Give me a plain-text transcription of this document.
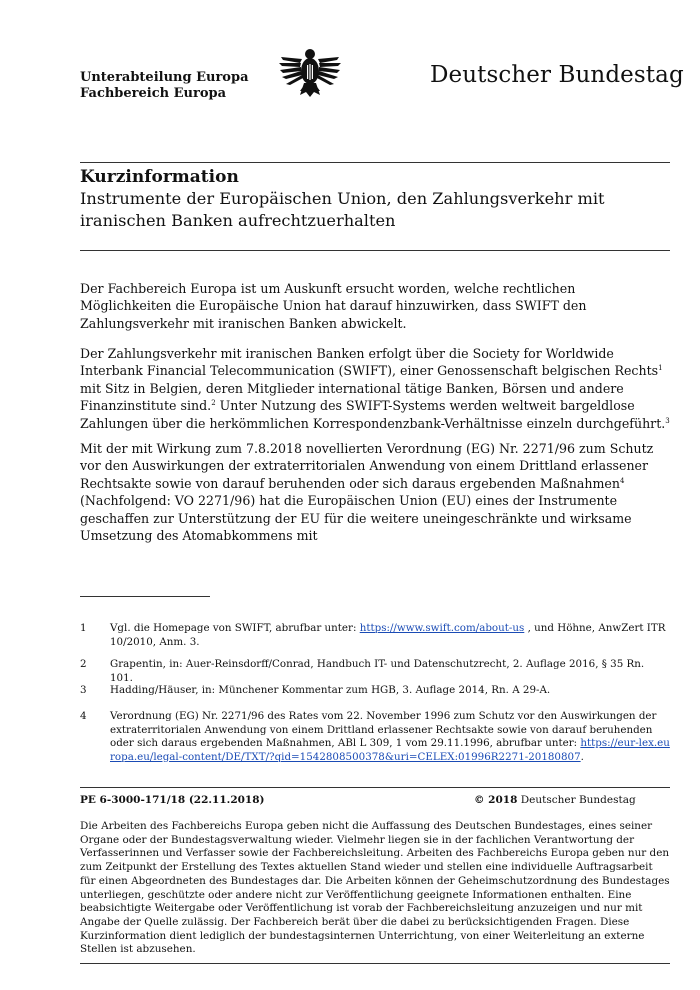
Unterabteilung Europa
Fachbereich Europa
Deutscher Bundestag
Kurzinformation
Instrumente der Europäischen Union, den Zahlungsverkehr mit iranischen Banken aufrechtzuerhalten

Der Fachbereich Europa ist um Auskunft ersucht worden, welche rechtlichen Möglichkeiten die Europäische Union hat darauf hinzuwirken, dass SWIFT den Zahlungsverkehr mit iranischen Banken abwickelt.

Der Zahlungsverkehr mit iranischen Banken erfolgt über die Society for Worldwide Interbank Financial Telecommunication (SWIFT), einer Genossenschaft belgischen Rechts$^1$ mit Sitz in Belgien, deren Mitglieder international tätige Banken, Börsen und andere Finanzinstitute sind.$^2$ Unter Nutzung des SWIFT-Systems werden weltweit bargeldlose Zahlungen über die herkömmlichen Korrespondenzbank-Verhältnisse einzeln durchgeführt.$^3$

Mit der mit Wirkung zum 7.8.2018 novellierten Verordnung (EG) Nr. 2271/96 zum Schutz vor den Auswirkungen der extraterritorialen Anwendung von einem Drittland erlassener Rechtsakte sowie von darauf beruhenden oder sich daraus ergebenden Maßnahmen$^4$ (Nachfolgend: VO 2271/96) hat die Europäischen Union (EU) eines der Instrumente geschaffen zur Unterstützung der EU für die weitere uneingeschränkte und wirksame Umsetzung des Atomabkommens mit

1	Vgl. die Homepage von SWIFT, abrufbar unter: https://www.swift.com/about-us , und Höhne, AnwZert ITR 10/2010, Anm. 3.
2	Grapentin, in: Auer-Reinsdorff/Conrad, Handbuch IT- und Datenschutzrecht, 2. Auflage 2016, § 35 Rn. 101.
3	Hadding/Häuser, in: Münchener Kommentar zum HGB, 3. Auflage 2014, Rn. A 29-A.
4	Verordnung (EG) Nr. 2271/96 des Rates vom 22. November 1996 zum Schutz vor den Auswirkungen der extraterritorialen Anwendung von einem Drittland erlassener Rechtsakte sowie von darauf beruhenden oder sich daraus ergebenden Maßnahmen, ABl L 309, 1 vom 29.11.1996, abrufbar unter: https://eur-lex.europa.eu/legal-content/DE/TXT/?qid=1542808500378&uri=CELEX:01996R2271-20180807.
PE 6-3000-171/18 (22.11.2018)	© 2018 Deutscher Bundestag
Die Arbeiten des Fachbereichs Europa geben nicht die Auffassung des Deutschen Bundestages, eines seiner Organe oder der Bundestagsverwaltung wieder. Vielmehr liegen sie in der fachlichen Verantwortung der Verfasserinnen und Verfasser sowie der Fachbereichsleitung. Arbeiten des Fachbereichs Europa geben nur den zum Zeitpunkt der Erstellung des Textes aktuellen Stand wieder und stellen eine individuelle Auftragsarbeit für einen Abgeordneten des Bundestages dar. Die Arbeiten können der Geheimschutzordnung des Bundestages unterliegen, geschützte oder andere nicht zur Veröffentlichung geeignete Informationen enthalten. Eine beabsichtigte Weitergabe oder Veröffentlichung ist vorab der Fachbereichsleitung anzuzeigen und nur mit Angabe der Quelle zulässig. Der Fachbereich berät über die dabei zu berücksichtigenden Fragen. Diese Kurzinformation dient lediglich der bundestagsinternen Unterrichtung, von einer Weiterleitung an externe Stellen ist abzusehen.
